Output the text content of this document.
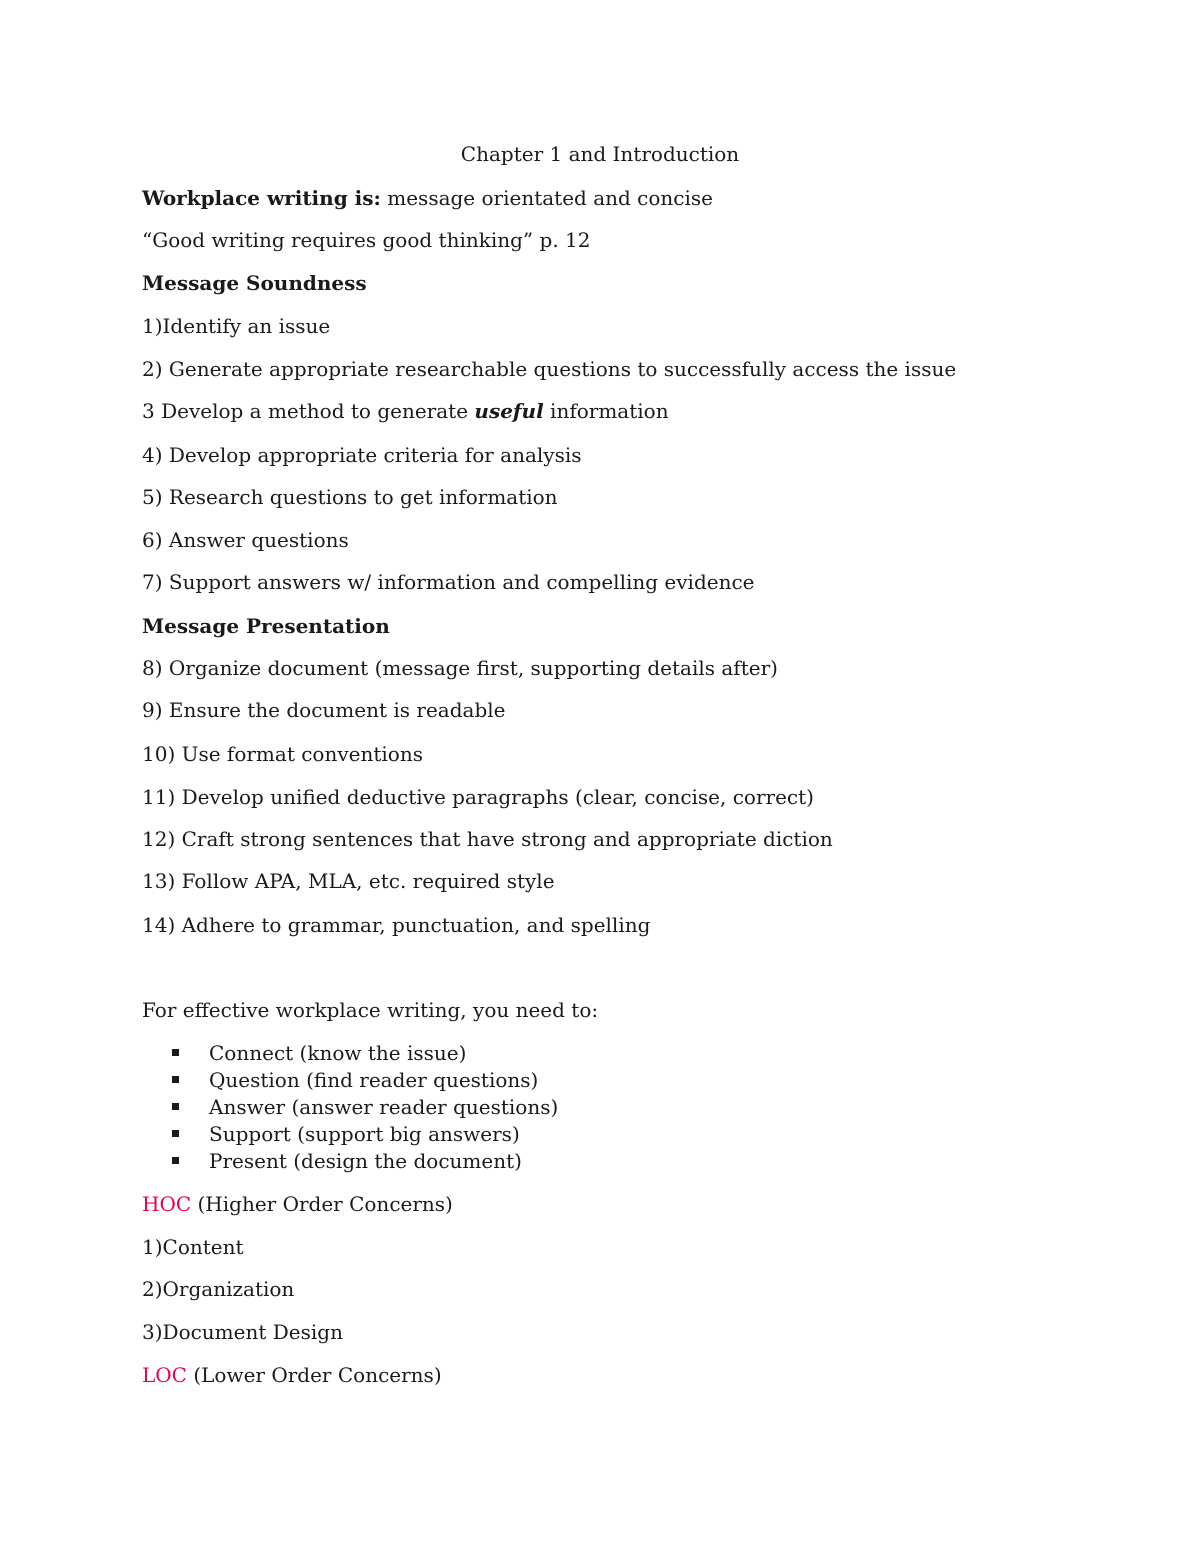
Chapter 1 and Introduction
Workplace writing is: message orientated and concise
“Good writing requires good thinking” p. 12
Message Soundness
1)Identify an issue
2) Generate appropriate researchable questions to successfully access the issue
3 Develop a method to generate useful information
4) Develop appropriate criteria for analysis
5) Research questions to get information
6) Answer questions
7) Support answers w/ information and compelling evidence
Message Presentation
8) Organize document (message first, supporting details after)
9) Ensure the document is readable
10) Use format conventions
11) Develop unified deductive paragraphs (clear, concise, correct)
12) Craft strong sentences that have strong and appropriate diction
13) Follow APA, MLA, etc. required style
14) Adhere to grammar, punctuation, and spelling
For effective workplace writing, you need to:
Connect (know the issue)
Question (find reader questions)
Answer (answer reader questions)
Support (support big answers)
Present (design the document)
HOC (Higher Order Concerns)
1)Content
2)Organization
3)Document Design
LOC (Lower Order Concerns)
